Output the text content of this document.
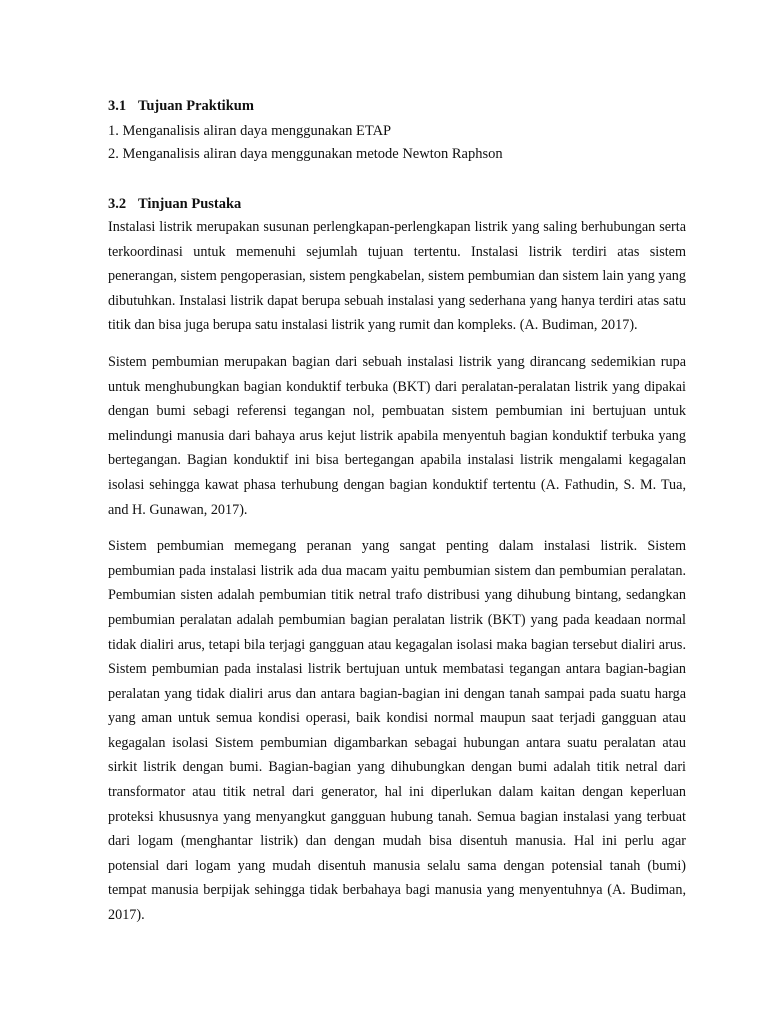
3.1 Tujuan Praktikum

1. Menganalisis aliran daya menggunakan ETAP

2. Menganalisis aliran daya menggunakan metode Newton Raphson

3.2 Tinjuan Pustaka

Instalasi listrik merupakan susunan perlengkapan-perlengkapan listrik yang saling berhubungan serta terkoordinasi untuk memenuhi sejumlah tujuan tertentu. Instalasi listrik terdiri atas sistem penerangan, sistem pengoperasian, sistem pengkabelan, sistem pembumian dan sistem lain yang yang dibutuhkan. Instalasi listrik dapat berupa sebuah instalasi yang sederhana yang hanya terdiri atas satu titik dan bisa juga berupa satu instalasi listrik yang rumit dan kompleks. (A. Budiman, 2017).

Sistem pembumian merupakan bagian dari sebuah instalasi listrik yang dirancang sedemikian rupa untuk menghubungkan bagian konduktif terbuka (BKT) dari peralatan-peralatan listrik yang dipakai dengan bumi sebagi referensi tegangan nol, pembuatan sistem pembumian ini bertujuan untuk melindungi manusia dari bahaya arus kejut listrik apabila menyentuh bagian konduktif terbuka yang bertegangan. Bagian konduktif ini bisa bertegangan apabila instalasi listrik mengalami kegagalan isolasi sehingga kawat phasa terhubung dengan bagian konduktif tertentu (A. Fathudin, S. M. Tua, and H. Gunawan, 2017).

Sistem pembumian memegang peranan yang sangat penting dalam instalasi listrik. Sistem pembumian pada instalasi listrik ada dua macam yaitu pembumian sistem dan pembumian peralatan. Pembumian sisten adalah pembumian titik netral trafo distribusi yang dihubung bintang, sedangkan pembumian peralatan adalah pembumian bagian peralatan listrik (BKT) yang pada keadaan normal tidak dialiri arus, tetapi bila terjagi gangguan atau kegagalan isolasi maka bagian tersebut dialiri arus. Sistem pembumian pada instalasi listrik bertujuan untuk membatasi tegangan antara bagian-bagian peralatan yang tidak dialiri arus dan antara bagian-bagian ini dengan tanah sampai pada suatu harga yang aman untuk semua kondisi operasi, baik kondisi normal maupun saat terjadi gangguan atau kegagalan isolasi Sistem pembumian digambarkan sebagai hubungan antara suatu peralatan atau sirkit listrik dengan bumi. Bagian-bagian yang dihubungkan dengan bumi adalah titik netral dari transformator atau titik netral dari generator, hal ini diperlukan dalam kaitan dengan keperluan proteksi khususnya yang menyangkut gangguan hubung tanah. Semua bagian instalasi yang terbuat dari logam (menghantar listrik) dan dengan mudah bisa disentuh manusia. Hal ini perlu agar potensial dari logam yang mudah disentuh manusia selalu sama dengan potensial tanah (bumi) tempat manusia berpijak sehingga tidak berbahaya bagi manusia yang menyentuhnya (A. Budiman, 2017).
